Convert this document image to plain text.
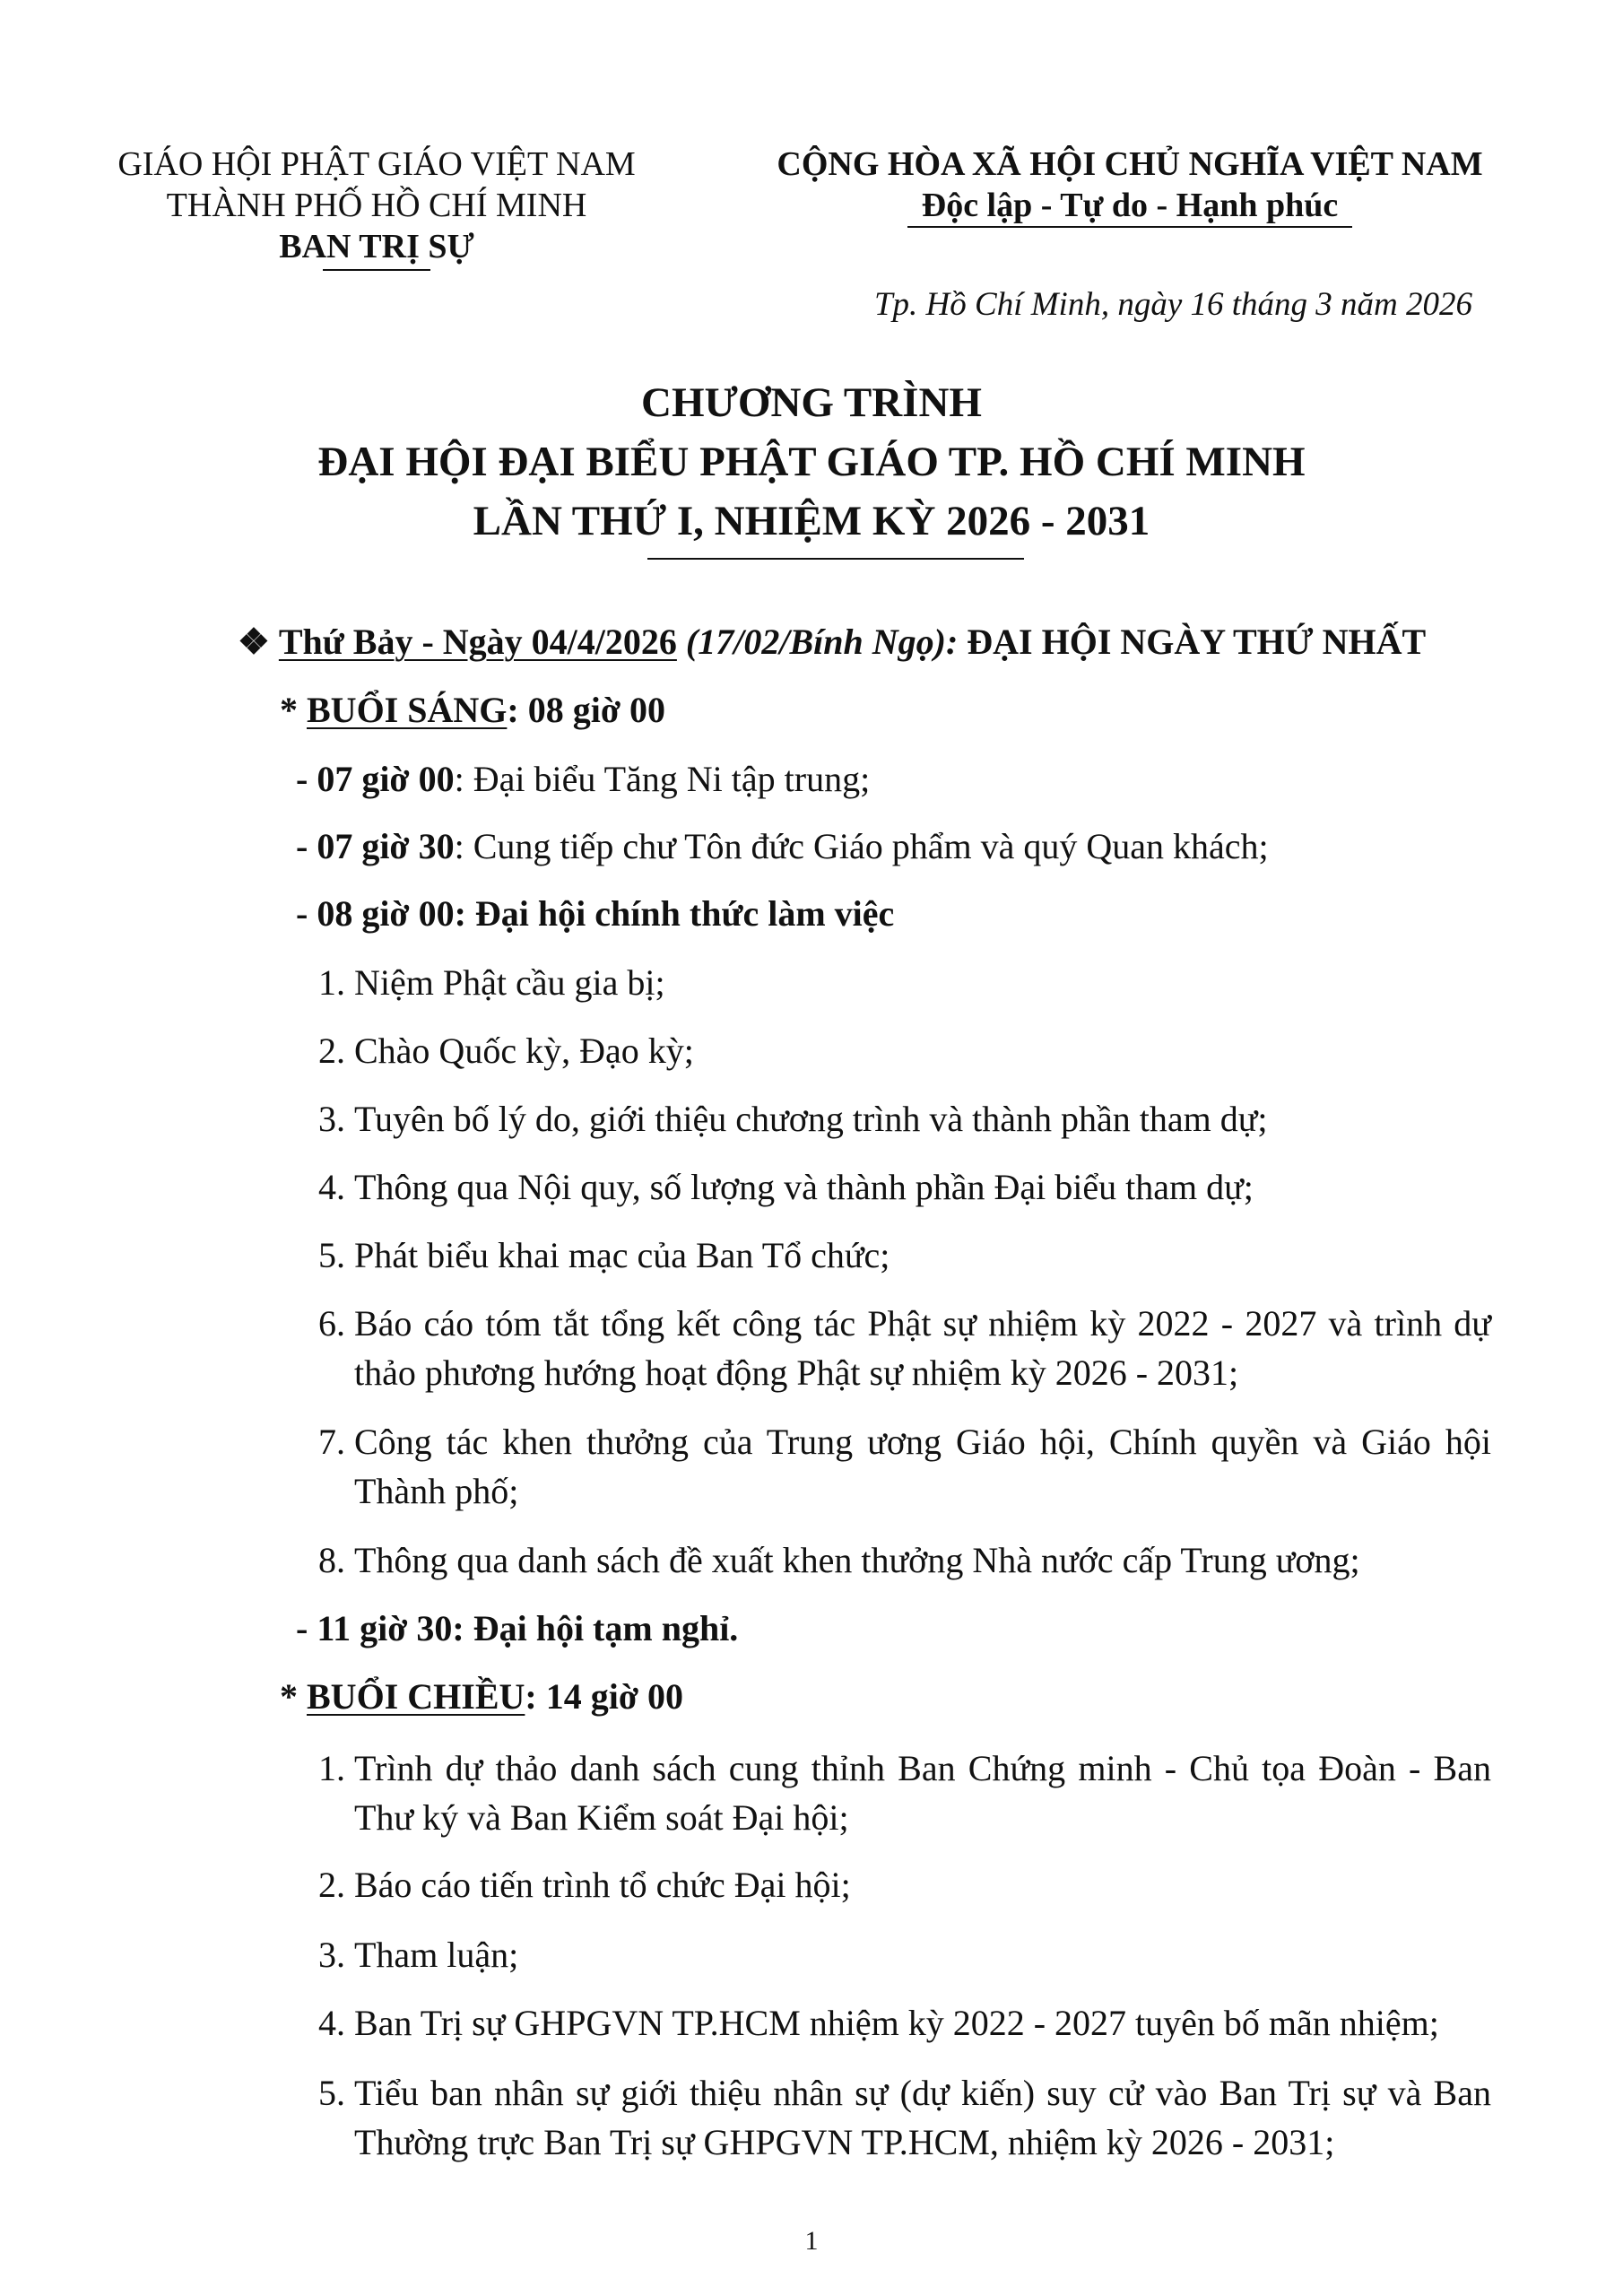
GIÁO HỘI PHẬT GIÁO VIỆT NAM
THÀNH PHỐ HỒ CHÍ MINH
BAN TRỊ SỰ
CỘNG HÒA XÃ HỘI CHỦ NGHĨA VIỆT NAM
Độc lập - Tự do - Hạnh phúc
Tp. Hồ Chí Minh, ngày 16 tháng 3 năm 2026
CHƯƠNG TRÌNH
ĐẠI HỘI ĐẠI BIỂU PHẬT GIÁO TP. HỒ CHÍ MINH
LẦN THỨ I, NHIỆM KỲ 2026 - 2031
❖ Thứ Bảy - Ngày 04/4/2026 (17/02/Bính Ngọ): ĐẠI HỘI NGÀY THỨ NHẤT
* BUỔI SÁNG: 08 giờ 00
- 07 giờ 00: Đại biểu Tăng Ni tập trung;
- 07 giờ 30: Cung tiếp chư Tôn đức Giáo phẩm và quý Quan khách;
- 08 giờ 00: Đại hội chính thức làm việc
1. Niệm Phật cầu gia bị;
2. Chào Quốc kỳ, Đạo kỳ;
3. Tuyên bố lý do, giới thiệu chương trình và thành phần tham dự;
4. Thông qua Nội quy, số lượng và thành phần Đại biểu tham dự;
5. Phát biểu khai mạc của Ban Tổ chức;
6. Báo cáo tóm tắt tổng kết công tác Phật sự nhiệm kỳ 2022 - 2027 và trình dự thảo phương hướng hoạt động Phật sự nhiệm kỳ 2026 - 2031;
7. Công tác khen thưởng của Trung ương Giáo hội, Chính quyền và Giáo hội Thành phố;
8. Thông qua danh sách đề xuất khen thưởng Nhà nước cấp Trung ương;
- 11 giờ 30: Đại hội tạm nghỉ.
* BUỔI CHIỀU: 14 giờ 00
1. Trình dự thảo danh sách cung thỉnh Ban Chứng minh - Chủ tọa Đoàn - Ban Thư ký và Ban Kiểm soát Đại hội;
2. Báo cáo tiến trình tổ chức Đại hội;
3. Tham luận;
4. Ban Trị sự GHPGVN TP.HCM nhiệm kỳ 2022 - 2027 tuyên bố mãn nhiệm;
5. Tiểu ban nhân sự giới thiệu nhân sự (dự kiến) suy cử vào Ban Trị sự và Ban Thường trực Ban Trị sự GHPGVN TP.HCM, nhiệm kỳ 2026 - 2031;
1
